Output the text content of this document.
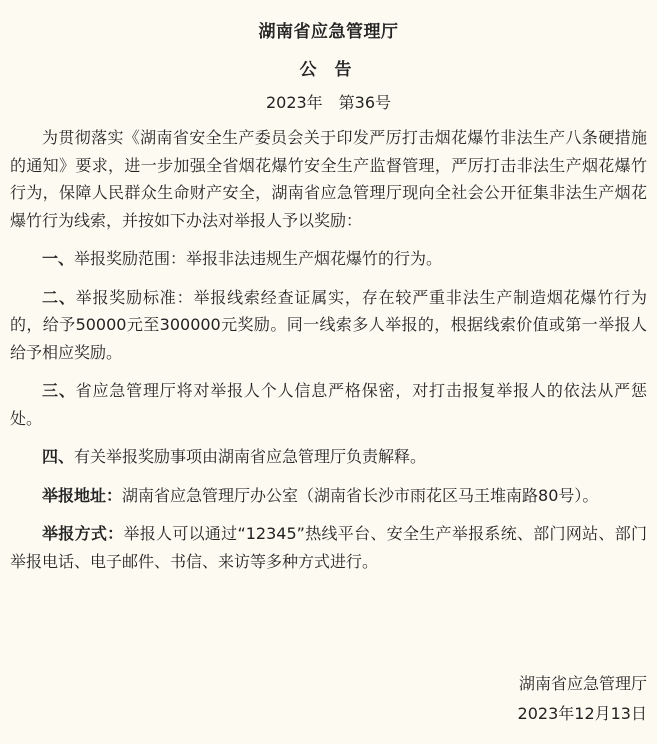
湖南省应急管理厅

公 告

2023年　第36号

为贯彻落实《湖南省安全生产委员会关于印发严厉打击烟花爆竹非法生产八条硬措施的通知》要求，进一步加强全省烟花爆竹安全生产监督管理，严厉打击非法生产烟花爆竹行为，保障人民群众生命财产安全，湖南省应急管理厅现向全社会公开征集非法生产烟花爆竹行为线索，并按如下办法对举报人予以奖励：

一、举报奖励范围：举报非法违规生产烟花爆竹的行为。

二、举报奖励标准：举报线索经查证属实，存在较严重非法生产制造烟花爆竹行为的，给予50000元至300000元奖励。同一线索多人举报的，根据线索价值或第一举报人给予相应奖励。

三、省应急管理厅将对举报人个人信息严格保密，对打击报复举报人的依法从严惩处。

四、有关举报奖励事项由湖南省应急管理厅负责解释。

举报地址：湖南省应急管理厅办公室（湖南省长沙市雨花区马王堆南路80号）。

举报方式：举报人可以通过“12345”热线平台、安全生产举报系统、部门网站、部门举报电话、电子邮件、书信、来访等多种方式进行。

湖南省应急管理厅
2023年12月13日
